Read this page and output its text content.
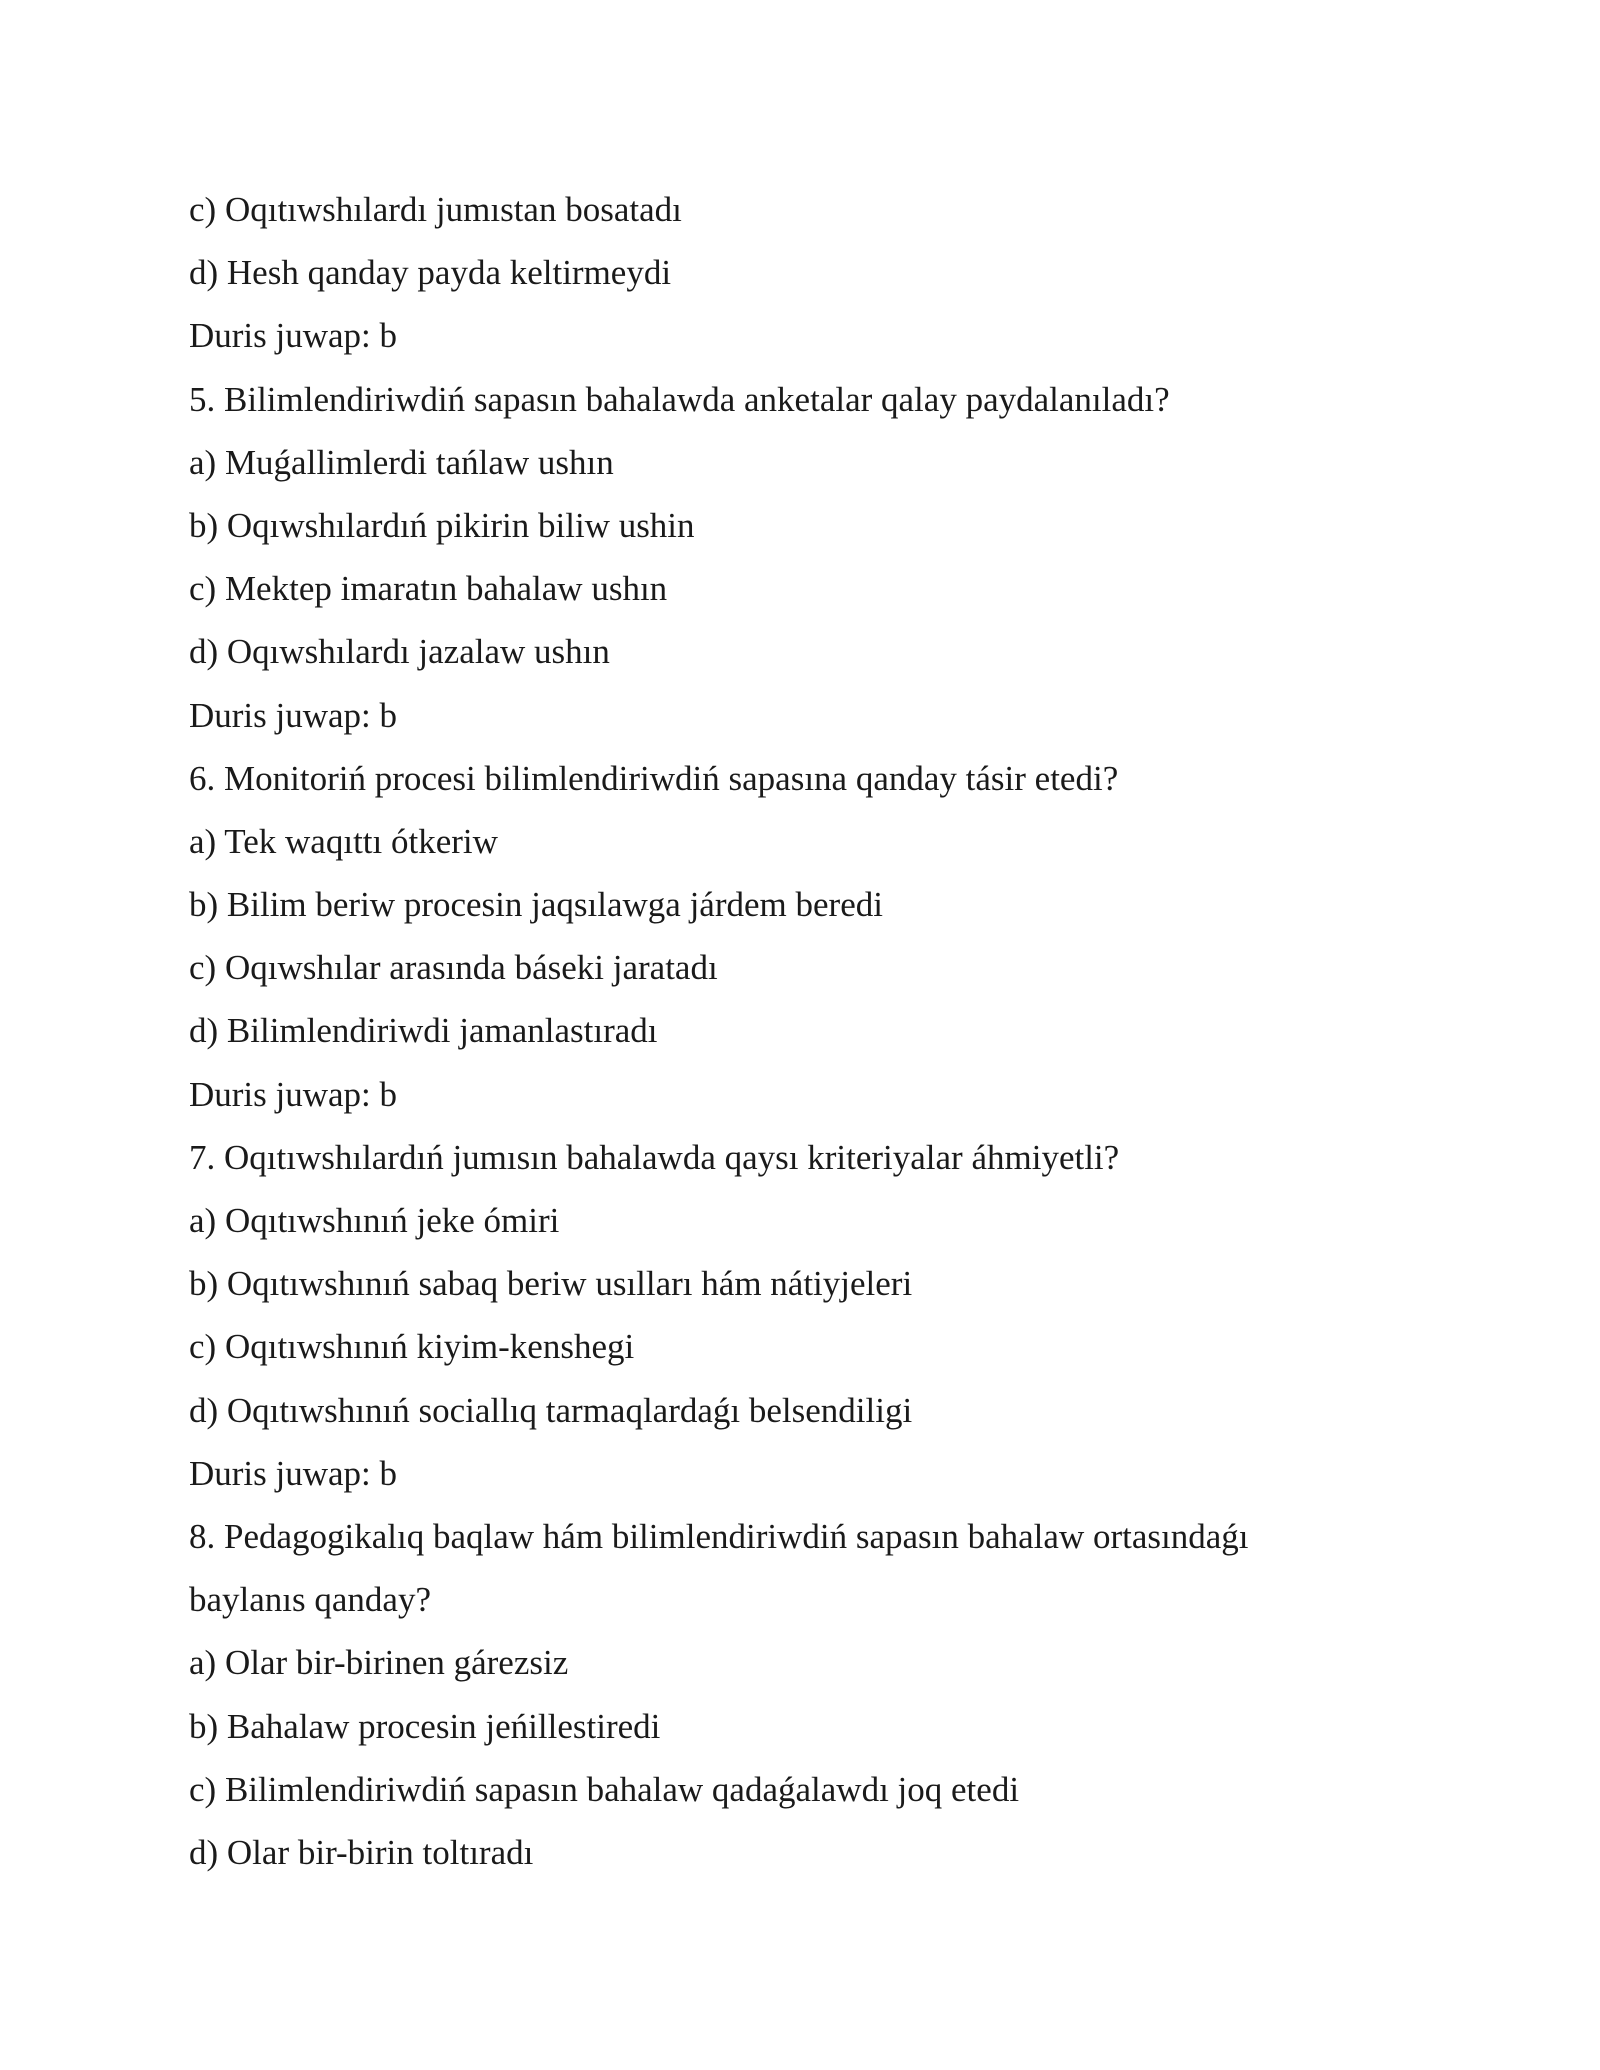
c) Oqıtıwshılardı jumıstan bosatadı
d) Hesh qanday payda keltirmeydi
Duris juwap: b
5. Bilimlendiriwdiń sapasın bahalawda anketalar qalay paydalanıladı?
a) Muǵallimlerdi tańlaw ushın
b) Oqıwshılardıń pikirin biliw ushin
c) Mektep imaratın bahalaw ushın
d) Oqıwshılardı jazalaw ushın
Duris juwap: b
6. Monitoriń procesi bilimlendiriwdiń sapasına qanday tásir etedi?
a) Tek waqıttı ótkeriw
b) Bilim beriw procesin jaqsılawga járdem beredi
c) Oqıwshılar arasında báseki jaratadı
d) Bilimlendiriwdi jamanlastıradı
Duris juwap: b
7. Oqıtıwshılardıń jumısın bahalawda qaysı kriteriyalar áhmiyetli?
a) Oqıtıwshınıń jeke ómiri
b) Oqıtıwshınıń sabaq beriw usılları hám nátiyjeleri
c) Oqıtıwshınıń kiyim-kenshegi
d) Oqıtıwshınıń sociallıq tarmaqlardaǵı belsendiligi
Duris juwap: b
8. Pedagogikalıq baqlaw hám bilimlendiriwdiń sapasın bahalaw ortasındaǵı
baylanıs qanday?
a) Olar bir-birinen gárezsiz
b) Bahalaw procesin jeńillestiredi
c) Bilimlendiriwdiń sapasın bahalaw qadaǵalawdı joq etedi
d) Olar bir-birin toltıradı
